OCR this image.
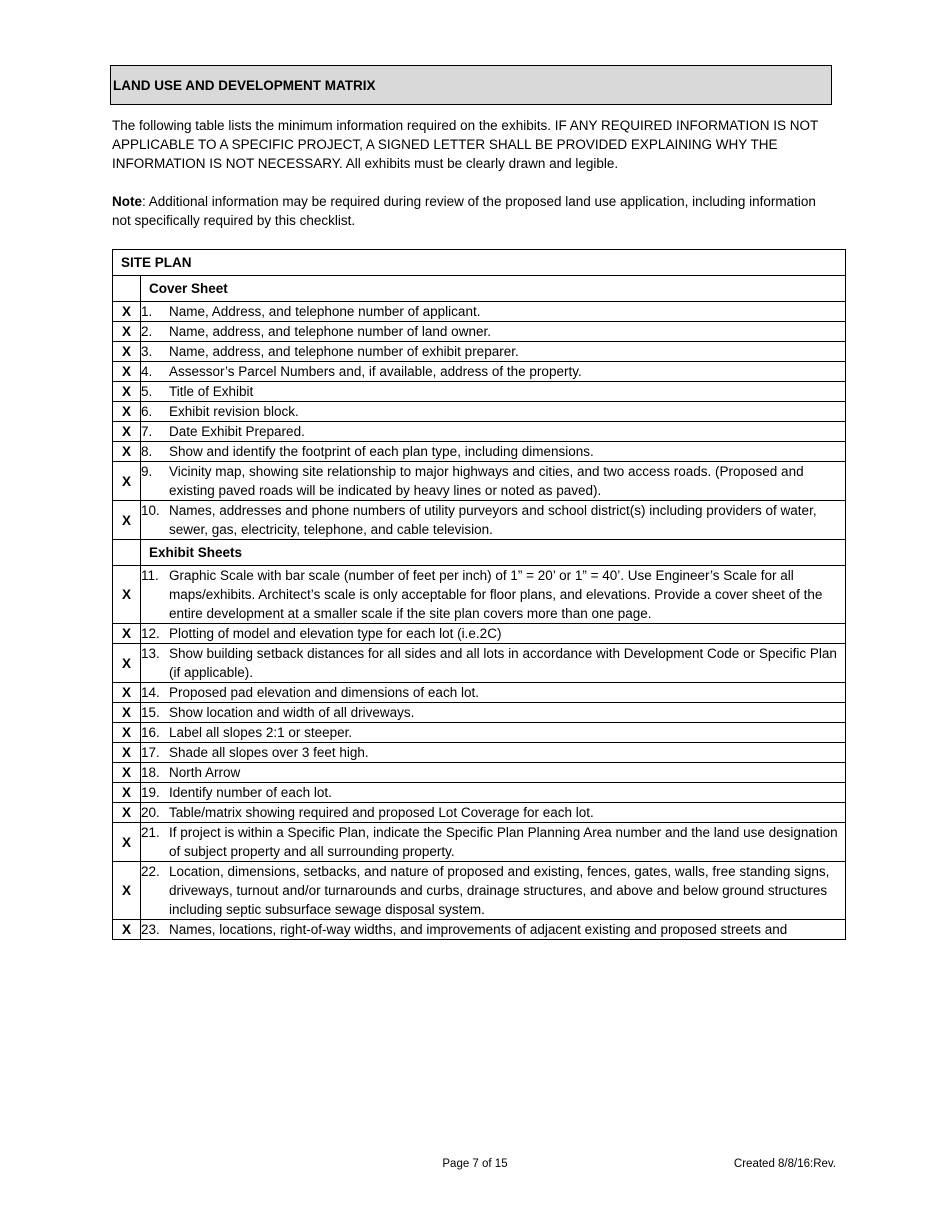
LAND USE AND DEVELOPMENT MATRIX

The following table lists the minimum information required on the exhibits. IF ANY REQUIRED INFORMATION IS NOT APPLICABLE TO A SPECIFIC PROJECT, A SIGNED LETTER SHALL BE PROVIDED EXPLAINING WHY THE INFORMATION IS NOT NECESSARY. All exhibits must be clearly drawn and legible.

Note: Additional information may be required during review of the proposed land use application, including information not specifically required by this checklist.

SITE PLAN	
	Cover Sheet
X	1. Name, Address, and telephone number of applicant.

X	2. Name, address, and telephone number of land owner.

X	3. Name, address, and telephone number of exhibit preparer.

X	4. Assessor’s Parcel Numbers and, if available, address of the property.

X	5. Title of Exhibit

X	6. Exhibit revision block.

X	7. Date Exhibit Prepared.

X	8. Show and identify the footprint of each plan type, including dimensions.

X	9. Vicinity map, showing site relationship to major highways and cities, and two access roads. (Proposed and existing paved roads will be indicated by heavy lines or noted as paved).

X	10. Names, addresses and phone numbers of utility purveyors and school district(s) including providers of water, sewer, gas, electricity, telephone, and cable television.

	Exhibit Sheets
X	11. Graphic Scale with bar scale (number of feet per inch) of 1” = 20’ or 1” = 40’. Use Engineer’s Scale for all maps/exhibits. Architect’s scale is only acceptable for floor plans, and elevations. Provide a cover sheet of the entire development at a smaller scale if the site plan covers more than one page.

X	12. Plotting of model and elevation type for each lot (i.e.2C)

X	13. Show building setback distances for all sides and all lots in accordance with Development Code or Specific Plan (if applicable).

X	14. Proposed pad elevation and dimensions of each lot.

X	15. Show location and width of all driveways.

X	16. Label all slopes 2:1 or steeper.

X	17. Shade all slopes over 3 feet high.

X	18. North Arrow

X	19. Identify number of each lot.

X	20. Table/matrix showing required and proposed Lot Coverage for each lot.

X	21. If project is within a Specific Plan, indicate the Specific Plan Planning Area number and the land use designation of subject property and all surrounding property.

X	22. Location, dimensions, setbacks, and nature of proposed and existing, fences, gates, walls, free standing signs, driveways, turnout and/or turnarounds and curbs, drainage structures, and above and below ground structures including septic subsurface sewage disposal system.

X	23. Names, locations, right-of-way widths, and improvements of adjacent existing and proposed streets and
Page 7 of 15	Created 8/8/16:Rev.
